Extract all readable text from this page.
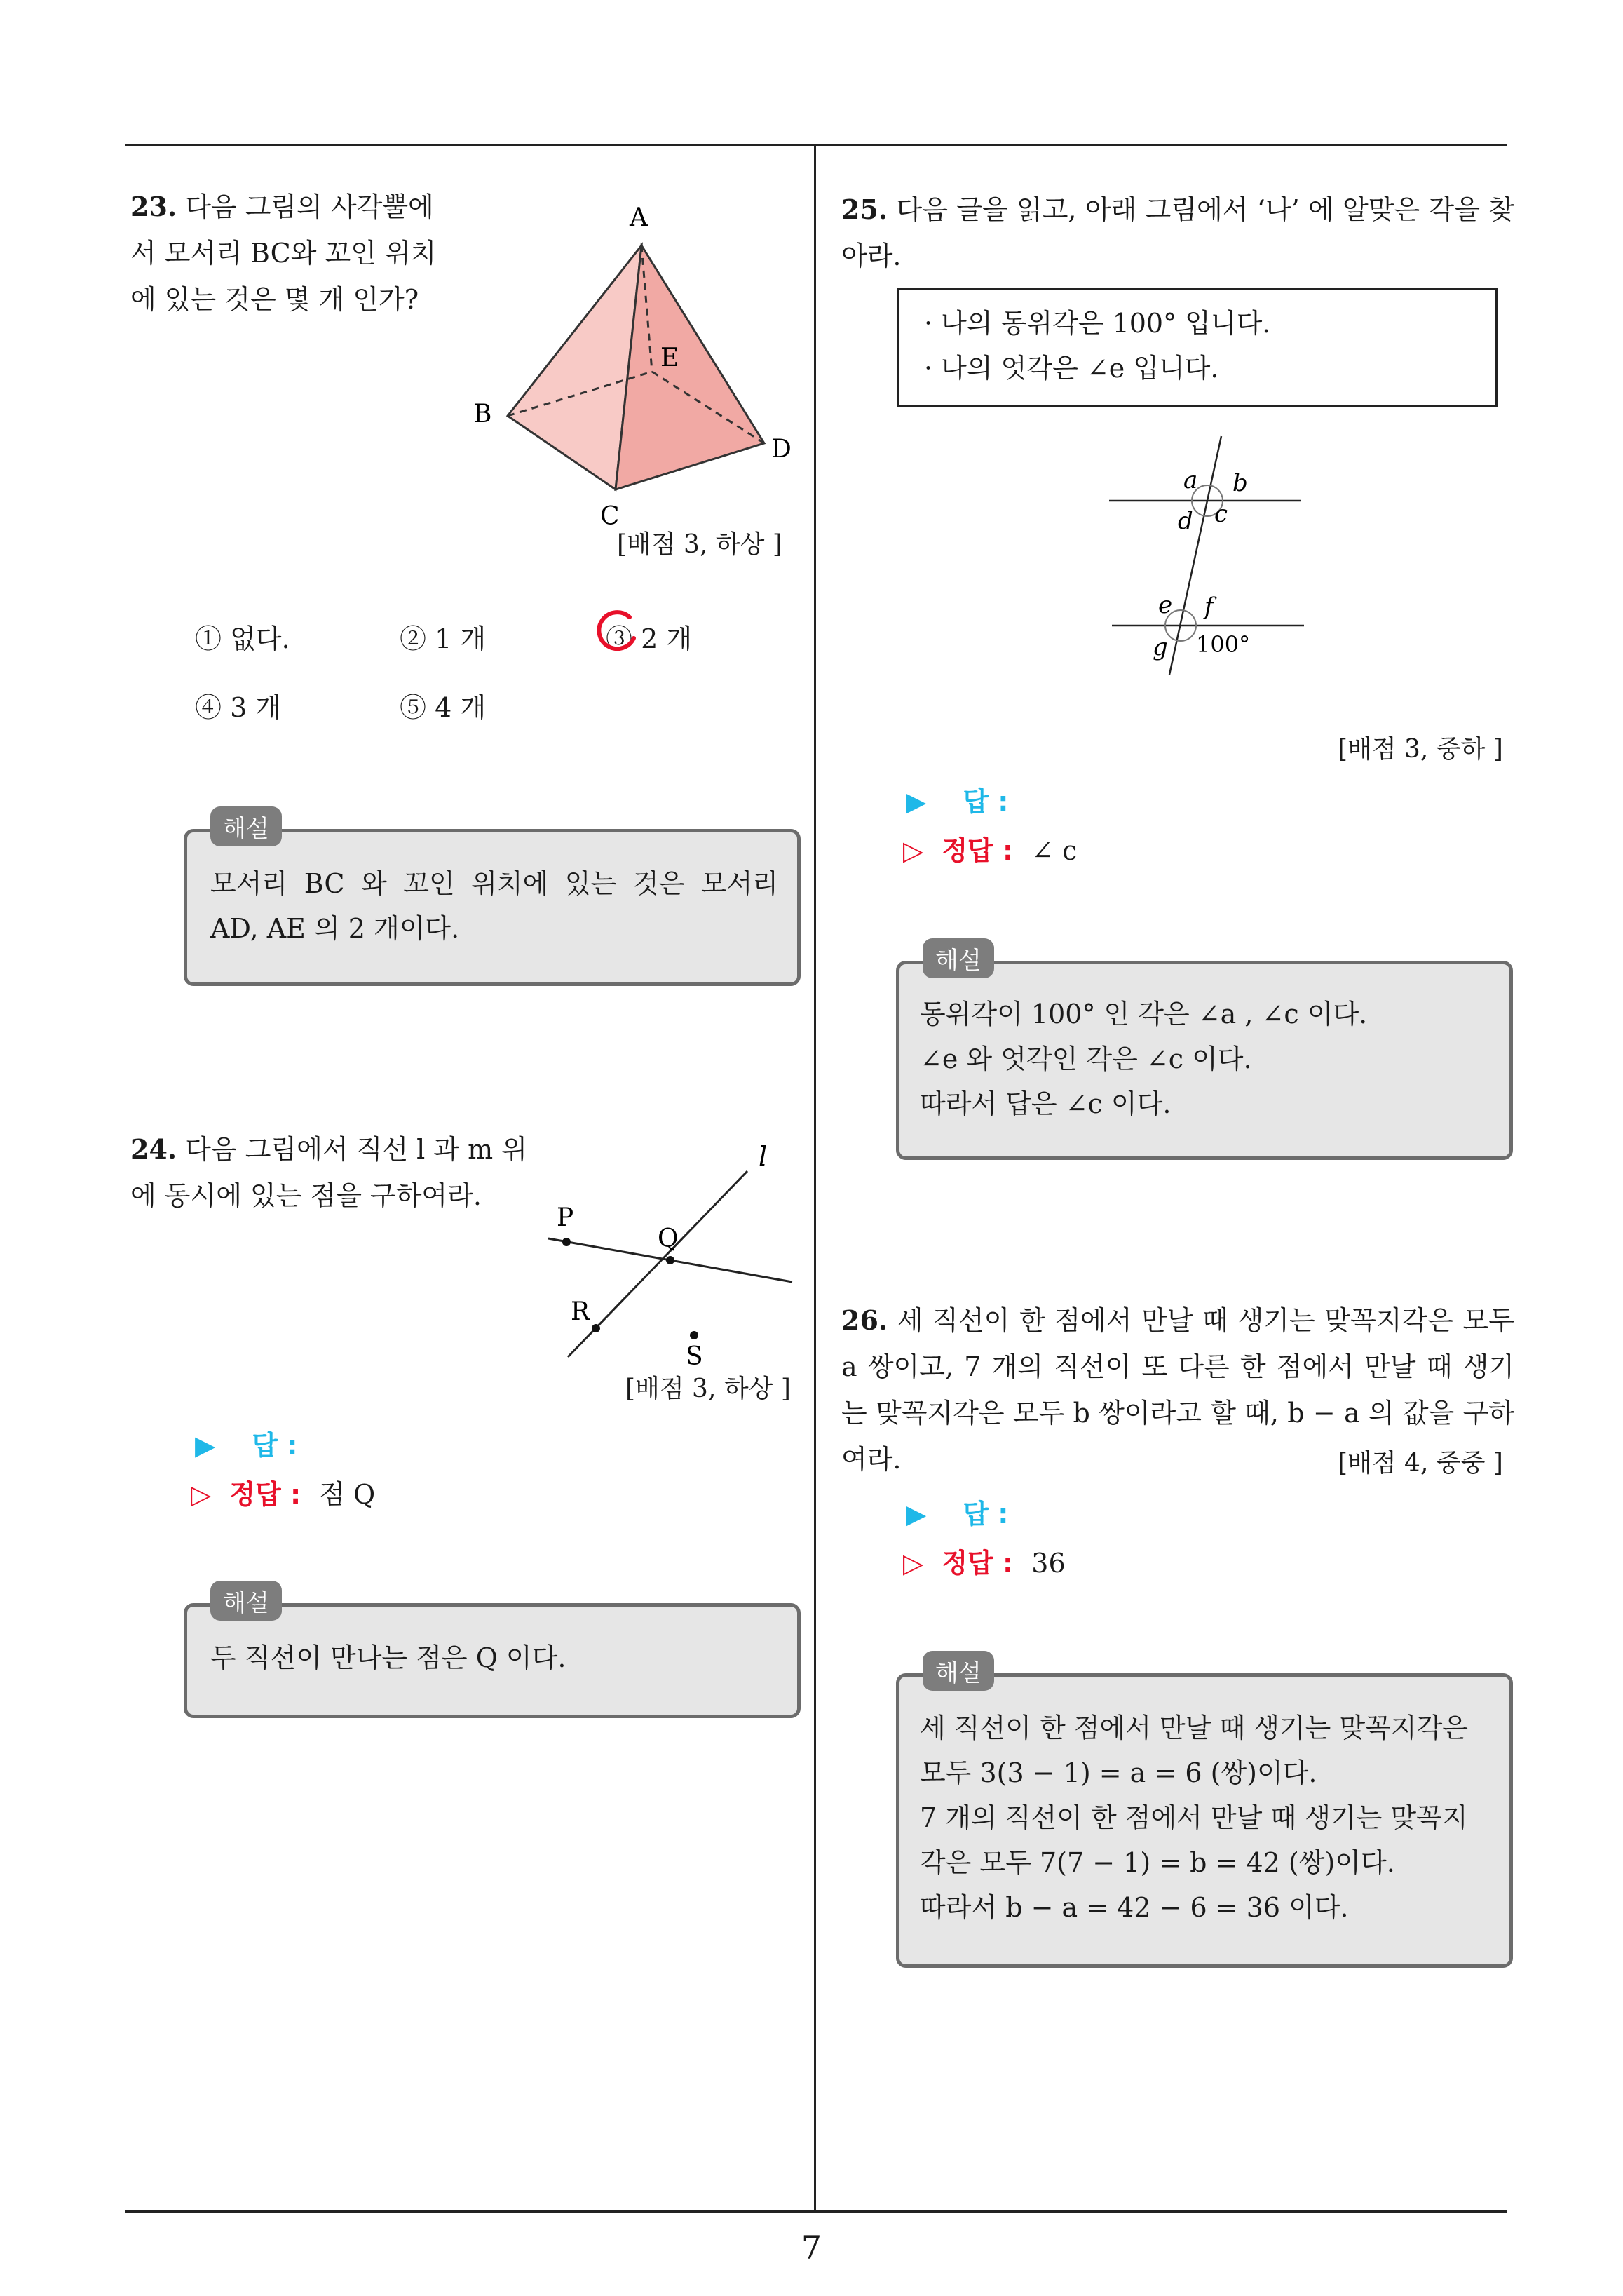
7
23. 다음 그림의 사각뿔에 서 모서리 BC와 꼬인 위치에 있는 것은 몇 개 인가?
A
E
B
D
C
[배점 3, 하상 ]
① 없다.	② 1 개	③ 2 개
④ 3 개	⑤ 4 개
해설
모서리 BC 와 꼬인 위치에 있는 것은 모서리 AD, AE 의 2 개이다.
24. 다음 그림에서 직선 l 과 m 위에 동시에 있는 점을 구하여라.
l
P
Q
R
S
[배점 3, 하상 ]
▶ 답 :
▷ 정답 : 점 Q
해설
두 직선이 만나는 점은 Q 이다.
25. 다음 글을 읽고, 아래 그림에서 ‘나’ 에 알맞은 각을 찾아라.
· 나의 동위각은 100° 입니다.
· 나의 엇각은 ∠e 입니다.
a b
d c
e f
g 100°
[배점 3, 중하 ]
▶ 답 :
▷ 정답 : ∠ c
해설
동위각이 100° 인 각은 ∠a , ∠c 이다.
∠e 와 엇각인 각은 ∠c 이다.
따라서 답은 ∠c 이다.
26. 세 직선이 한 점에서 만날 때 생기는 맞꼭지각은 모두 a 쌍이고, 7 개의 직선이 또 다른 한 점에서 만날 때 생기는 맞꼭지각은 모두 b 쌍이라고 할 때, b − a 의 값을 구하여라.	[배점 4, 중중 ]
▶ 답 :
▷ 정답 : 36
해설
세 직선이 한 점에서 만날 때 생기는 맞꼭지각은
모두 3(3 − 1) = a = 6 (쌍)이다.
7 개의 직선이 한 점에서 만날 때 생기는 맞꼭지
각은 모두 7(7 − 1) = b = 42 (쌍)이다.
따라서 b − a = 42 − 6 = 36 이다.
